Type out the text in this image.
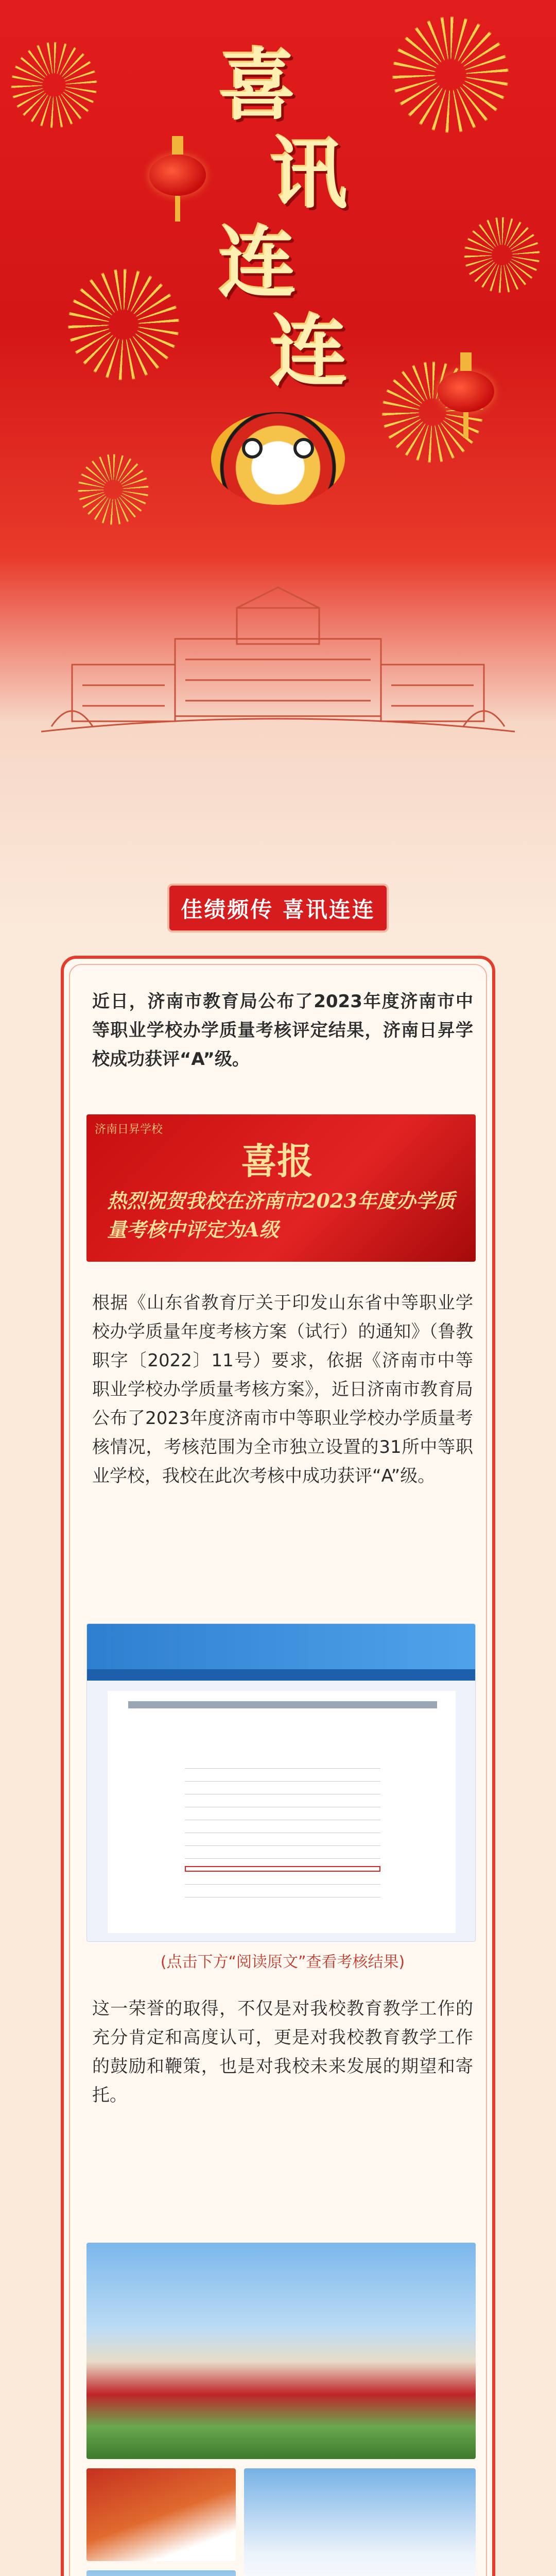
喜
讯
连
连
佳绩频传 喜讯连连
近日，济南市教育局公布了2023年度济南市中等职业学校办学质量考核评定结果，济南日昇学校成功获评“A”级。
济南日昇学校
喜报
热烈祝贺我校在济南市2023年度办学质量考核中评定为A级
根据《山东省教育厅关于印发山东省中等职业学校办学质量年度考核方案（试行）的通知》（鲁教职字〔2022〕11号）要求，依据《济南市中等职业学校办学质量考核方案》，近日济南市教育局公布了2023年度济南市中等职业学校办学质量考核情况，考核范围为全市独立设置的31所中等职业学校，我校在此次考核中成功获评“A”级。
(点击下方“阅读原文”查看考核结果)
这一荣誉的取得，不仅是对我校教育教学工作的充分肯定和高度认可，更是对我校教育教学工作的鼓励和鞭策，也是对我校未来发展的期望和寄托。
